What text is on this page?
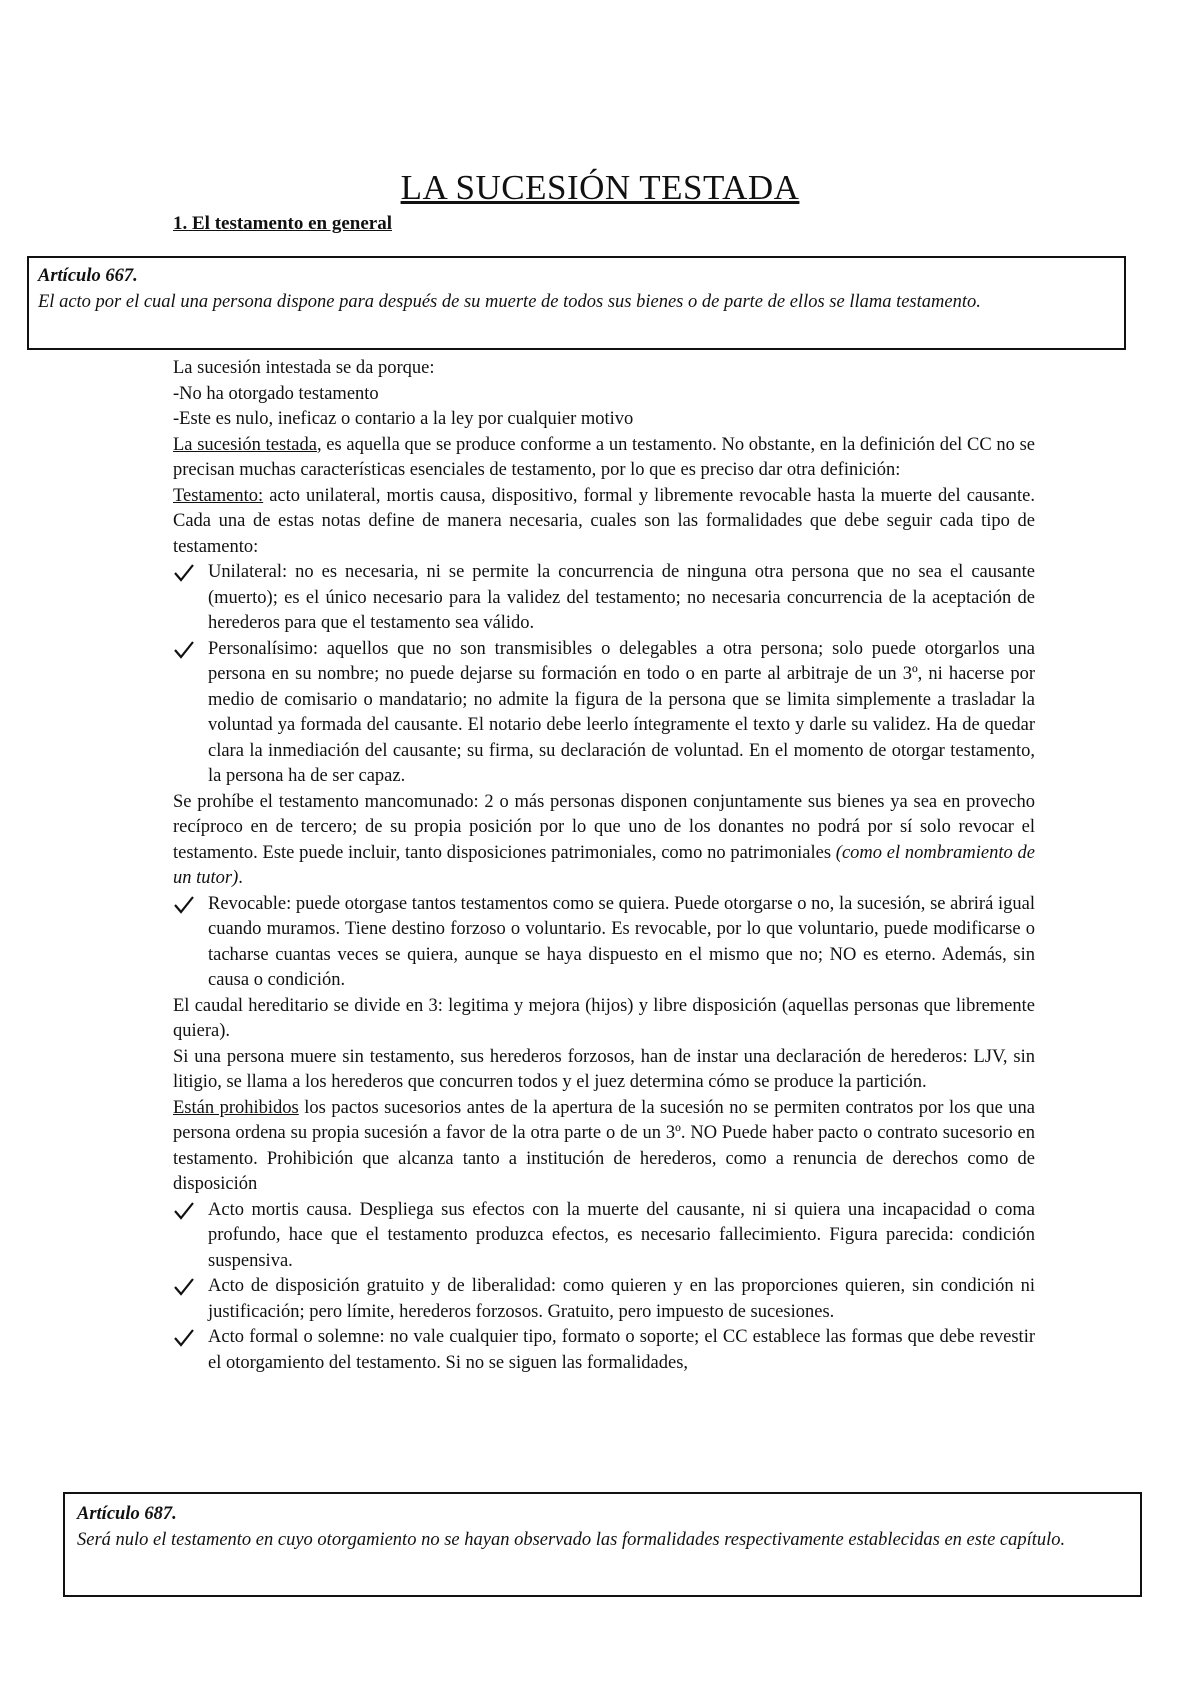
LA SUCESIÓN TESTADA
1. El testamento en general
Artículo 667.
El acto por el cual una persona dispone para después de su muerte de todos sus bienes o de parte de ellos se llama testamento.

La sucesión intestada se da porque:

-No ha otorgado testamento

-Este es nulo, ineficaz o contario a la ley por cualquier motivo

La sucesión testada, es aquella que se produce conforme a un testamento. No obstante, en la definición del CC no se precisan muchas características esenciales de testamento, por lo que es preciso dar otra definición:

Testamento: acto unilateral, mortis causa, dispositivo, formal y libremente revocable hasta la muerte del causante. Cada una de estas notas define de manera necesaria, cuales son las formalidades que debe seguir cada tipo de testamento:

Unilateral: no es necesaria, ni se permite la concurrencia de ninguna otra persona que no sea el causante (muerto); es el único necesario para la validez del testamento; no necesaria concurrencia de la aceptación de herederos para que el testamento sea válido.

Personalísimo: aquellos que no son transmisibles o delegables a otra persona; solo puede otorgarlos una persona en su nombre; no puede dejarse su formación en todo o en parte al arbitraje de un 3º, ni hacerse por medio de comisario o mandatario; no admite la figura de la persona que se limita simplemente a trasladar la voluntad ya formada del causante. El notario debe leerlo íntegramente el texto y darle su validez. Ha de quedar clara la inmediación del causante; su firma, su declaración de voluntad. En el momento de otorgar testamento, la persona ha de ser capaz.

Se prohíbe el testamento mancomunado: 2 o más personas disponen conjuntamente sus bienes ya sea en provecho recíproco en de tercero; de su propia posición por lo que uno de los donantes no podrá por sí solo revocar el testamento. Este puede incluir, tanto disposiciones patrimoniales, como no patrimoniales (como el nombramiento de un tutor).

Revocable: puede otorgase tantos testamentos como se quiera. Puede otorgarse o no, la sucesión, se abrirá igual cuando muramos. Tiene destino forzoso o voluntario. Es revocable, por lo que voluntario, puede modificarse o tacharse cuantas veces se quiera, aunque se haya dispuesto en el mismo que no; NO es eterno. Además, sin causa o condición.

El caudal hereditario se divide en 3: legitima y mejora (hijos) y libre disposición (aquellas personas que libremente quiera).

Si una persona muere sin testamento, sus herederos forzosos, han de instar una declaración de herederos: LJV, sin litigio, se llama a los herederos que concurren todos y el juez determina cómo se produce la partición.

Están prohibidos los pactos sucesorios antes de la apertura de la sucesión no se permiten contratos por los que una persona ordena su propia sucesión a favor de la otra parte o de un 3º. NO Puede haber pacto o contrato sucesorio en testamento. Prohibición que alcanza tanto a institución de herederos, como a renuncia de derechos como de disposición

Acto mortis causa. Despliega sus efectos con la muerte del causante, ni si quiera una incapacidad o coma profundo, hace que el testamento produzca efectos, es necesario fallecimiento. Figura parecida: condición suspensiva.

Acto de disposición gratuito y de liberalidad: como quieren y en las proporciones quieren, sin condición ni justificación; pero límite, herederos forzosos. Gratuito, pero impuesto de sucesiones.

Acto formal o solemne: no vale cualquier tipo, formato o soporte; el CC establece las formas que debe revestir el otorgamiento del testamento. Si no se siguen las formalidades,

Artículo 687.
Será nulo el testamento en cuyo otorgamiento no se hayan observado las formalidades respectivamente establecidas en este capítulo.
